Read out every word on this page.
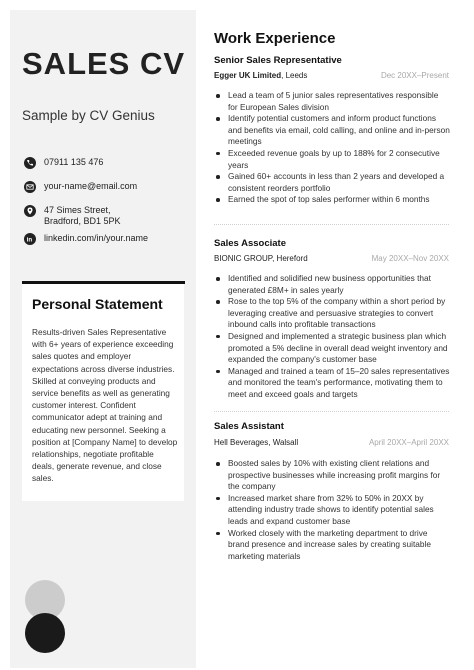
SALES CV
Sample by CV Genius
07911 135 476
your-name@email.com
47 Simes Street,
Bradford, BD1 5PK
in linkedin.com/in/your.name
Personal Statement
Results-driven Sales Representative with 6+ years of experience exceeding sales quotes and employer expectations across diverse industries. Skilled at conveying products and service benefits as well as generating customer interest. Confident communicator adept at training and educating new personnel. Seeking a position at [Company Name] to develop relationships, negotiate profitable deals, generate revenue, and close sales.
Work Experience
Senior Sales Representative
Egger UK Limited, Leeds	Dec 20XX–Present
Lead a team of 5 junior sales representatives responsible for European Sales division
Identify potential customers and inform product functions and benefits via email, cold calling, and online and in-person meetings
Exceeded revenue goals by up to 188% for 2 consecutive years
Gained 60+ accounts in less than 2 years and developed a consistent reorders portfolio
Earned the spot of top sales performer within 6 months
Sales Associate
BIONIC GROUP, Hereford	May 20XX–Nov 20XX
Identified and solidified new business opportunities that generated £8M+ in sales yearly
Rose to the top 5% of the company within a short period by leveraging creative and persuasive strategies to convert inbound calls into profitable transactions
Designed and implemented a strategic business plan which promoted a 5% decline in overall dead weight inventory and expanded the company's customer base
Managed and trained a team of 15–20 sales representatives and monitored the team's performance, motivating them to meet and exceed goals and targets
Sales Assistant
Hell Beverages, Walsall	April 20XX–April 20XX
Boosted sales by 10% with existing client relations and prospective businesses while increasing profit margins for the company
Increased market share from 32% to 50% in 20XX by attending industry trade shows to identify potential sales leads and expand customer base
Worked closely with the marketing department to drive brand presence and increase sales by creating suitable marketing materials
